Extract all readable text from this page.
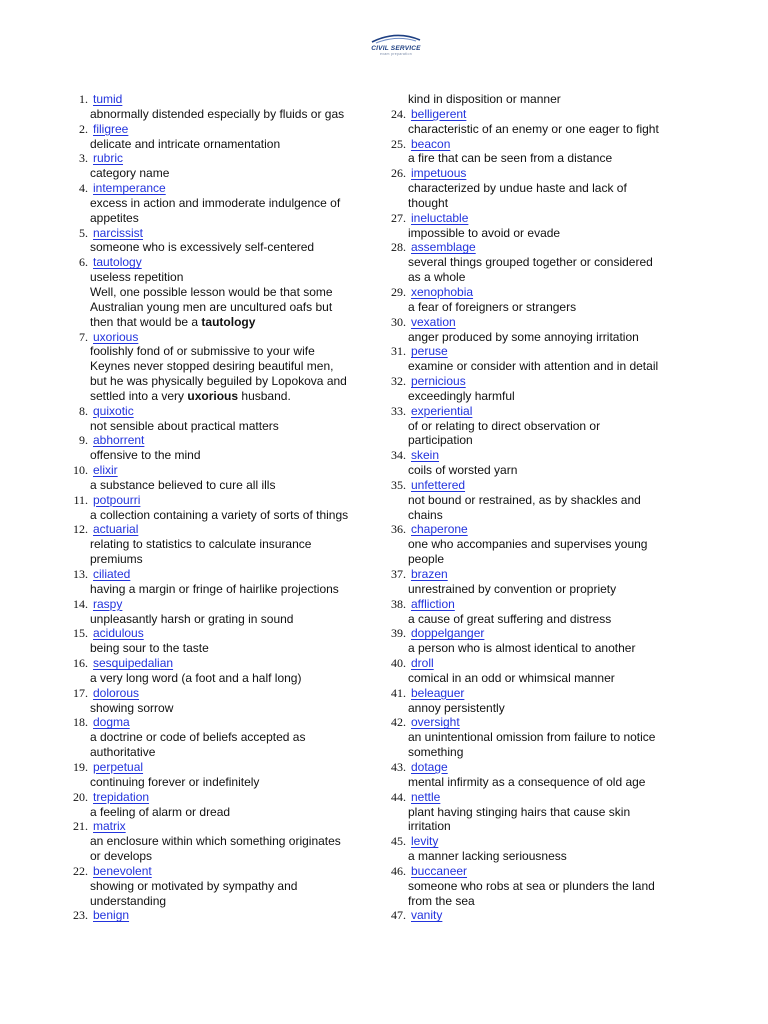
CIVIL SERVICE
exam preparation
1. tumid
abnormally distended especially by fluids or gas
2. filigree
delicate and intricate ornamentation
3. rubric
category name
4. intemperance
excess in action and immoderate indulgence of
appetites
5. narcissist
someone who is excessively self-centered
6. tautology
useless repetition
Well, one possible lesson would be that some
Australian young men are uncultured oafs but
then that would be a tautology
7. uxorious
foolishly fond of or submissive to your wife
Keynes never stopped desiring beautiful men,
but he was physically beguiled by Lopokova and
settled into a very uxorious husband.
8. quixotic
not sensible about practical matters
9. abhorrent
offensive to the mind
10. elixir
a substance believed to cure all ills
11. potpourri
a collection containing a variety of sorts of things
12. actuarial
relating to statistics to calculate insurance
premiums
13. ciliated
having a margin or fringe of hairlike projections
14. raspy
unpleasantly harsh or grating in sound
15. acidulous
being sour to the taste
16. sesquipedalian
a very long word (a foot and a half long)
17. dolorous
showing sorrow
18. dogma
a doctrine or code of beliefs accepted as
authoritative
19. perpetual
continuing forever or indefinitely
20. trepidation
a feeling of alarm or dread
21. matrix
an enclosure within which something originates
or develops
22. benevolent
showing or motivated by sympathy and
understanding
23. benign
kind in disposition or manner
24. belligerent
characteristic of an enemy or one eager to fight
25. beacon
a fire that can be seen from a distance
26. impetuous
characterized by undue haste and lack of
thought
27. ineluctable
impossible to avoid or evade
28. assemblage
several things grouped together or considered
as a whole
29. xenophobia
a fear of foreigners or strangers
30. vexation
anger produced by some annoying irritation
31. peruse
examine or consider with attention and in detail
32. pernicious
exceedingly harmful
33. experiential
of or relating to direct observation or
participation
34. skein
coils of worsted yarn
35. unfettered
not bound or restrained, as by shackles and
chains
36. chaperone
one who accompanies and supervises young
people
37. brazen
unrestrained by convention or propriety
38. affliction
a cause of great suffering and distress
39. doppelganger
a person who is almost identical to another
40. droll
comical in an odd or whimsical manner
41. beleaguer
annoy persistently
42. oversight
an unintentional omission from failure to notice
something
43. dotage
mental infirmity as a consequence of old age
44. nettle
plant having stinging hairs that cause skin
irritation
45. levity
a manner lacking seriousness
46. buccaneer
someone who robs at sea or plunders the land
from the sea
47. vanity
